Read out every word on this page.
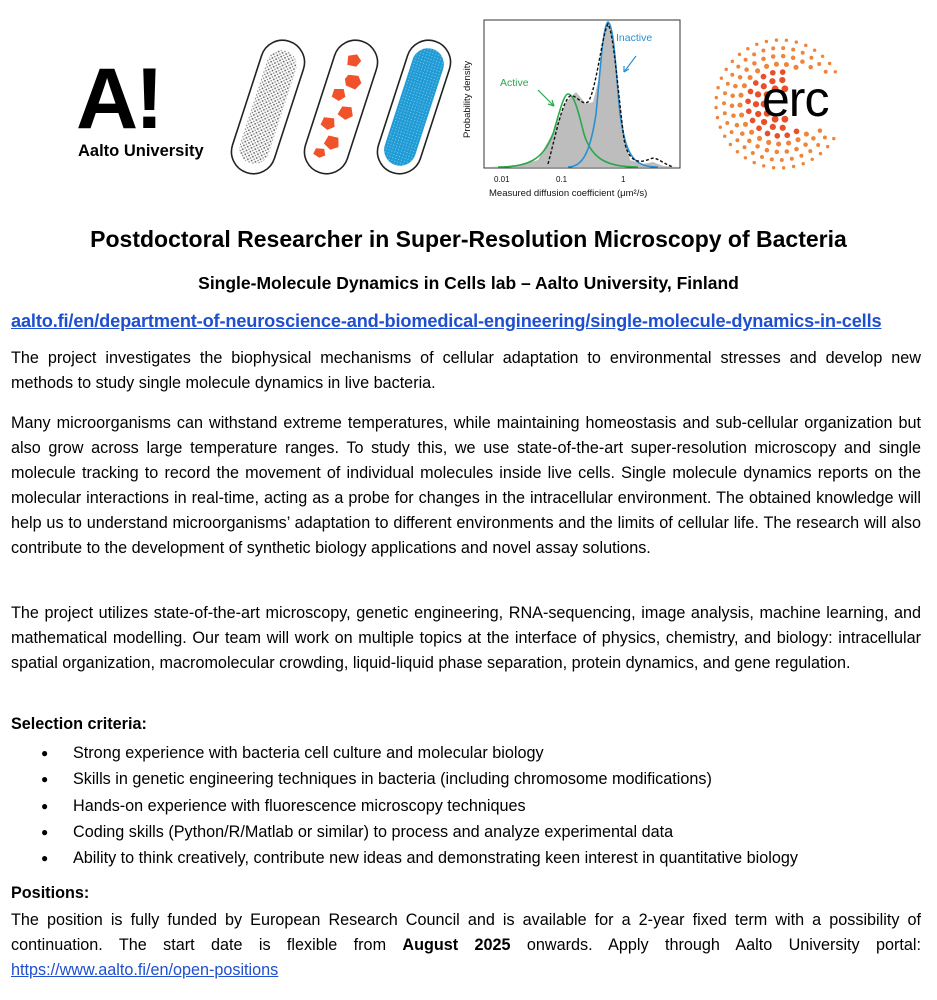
A!
Aalto University
Probability density
0.01	0.1	1
Measured diffusion coefficient (μm²/s)
Active
Inactive
erc
Postdoctoral Researcher in Super-Resolution Microscopy of Bacteria
Single-Molecule Dynamics in Cells lab – Aalto University, Finland
aalto.fi/en/department-of-neuroscience-and-biomedical-engineering/single-molecule-dynamics-in-cells

The project investigates the biophysical mechanisms of cellular adaptation to environmental stresses and develop new methods to study single molecule dynamics in live bacteria.

Many microorganisms can withstand extreme temperatures, while maintaining homeostasis and sub-cellular organization but also grow across large temperature ranges. To study this, we use state-of-the-art super-resolution microscopy and single molecule tracking to record the movement of individual molecules inside live cells. Single molecule dynamics reports on the molecular interactions in real-time, acting as a probe for changes in the intracellular environment. The obtained knowledge will help us to understand microorganisms’ adaptation to different environments and the limits of cellular life. The research will also contribute to the development of synthetic biology applications and novel assay solutions.

The project utilizes state-of-the-art microscopy, genetic engineering, RNA-sequencing, image analysis, machine learning, and mathematical modelling. Our team will work on multiple topics at the interface of physics, chemistry, and biology: intracellular spatial organization, macromolecular crowding, liquid-liquid phase separation, protein dynamics, and gene regulation.

Selection criteria:

● Strong experience with bacteria cell culture and molecular biology
● Skills in genetic engineering techniques in bacteria (including chromosome modifications)
● Hands-on experience with fluorescence microscopy techniques
● Coding skills (Python/R/Matlab or similar) to process and analyze experimental data
● Ability to think creatively, contribute new ideas and demonstrating keen interest in quantitative biology

Positions:

The position is fully funded by European Research Council and is available for a 2-year fixed term with a possibility of continuation. The start date is flexible from August 2025 onwards. Apply through Aalto University portal: https://www.aalto.fi/en/open-positions
